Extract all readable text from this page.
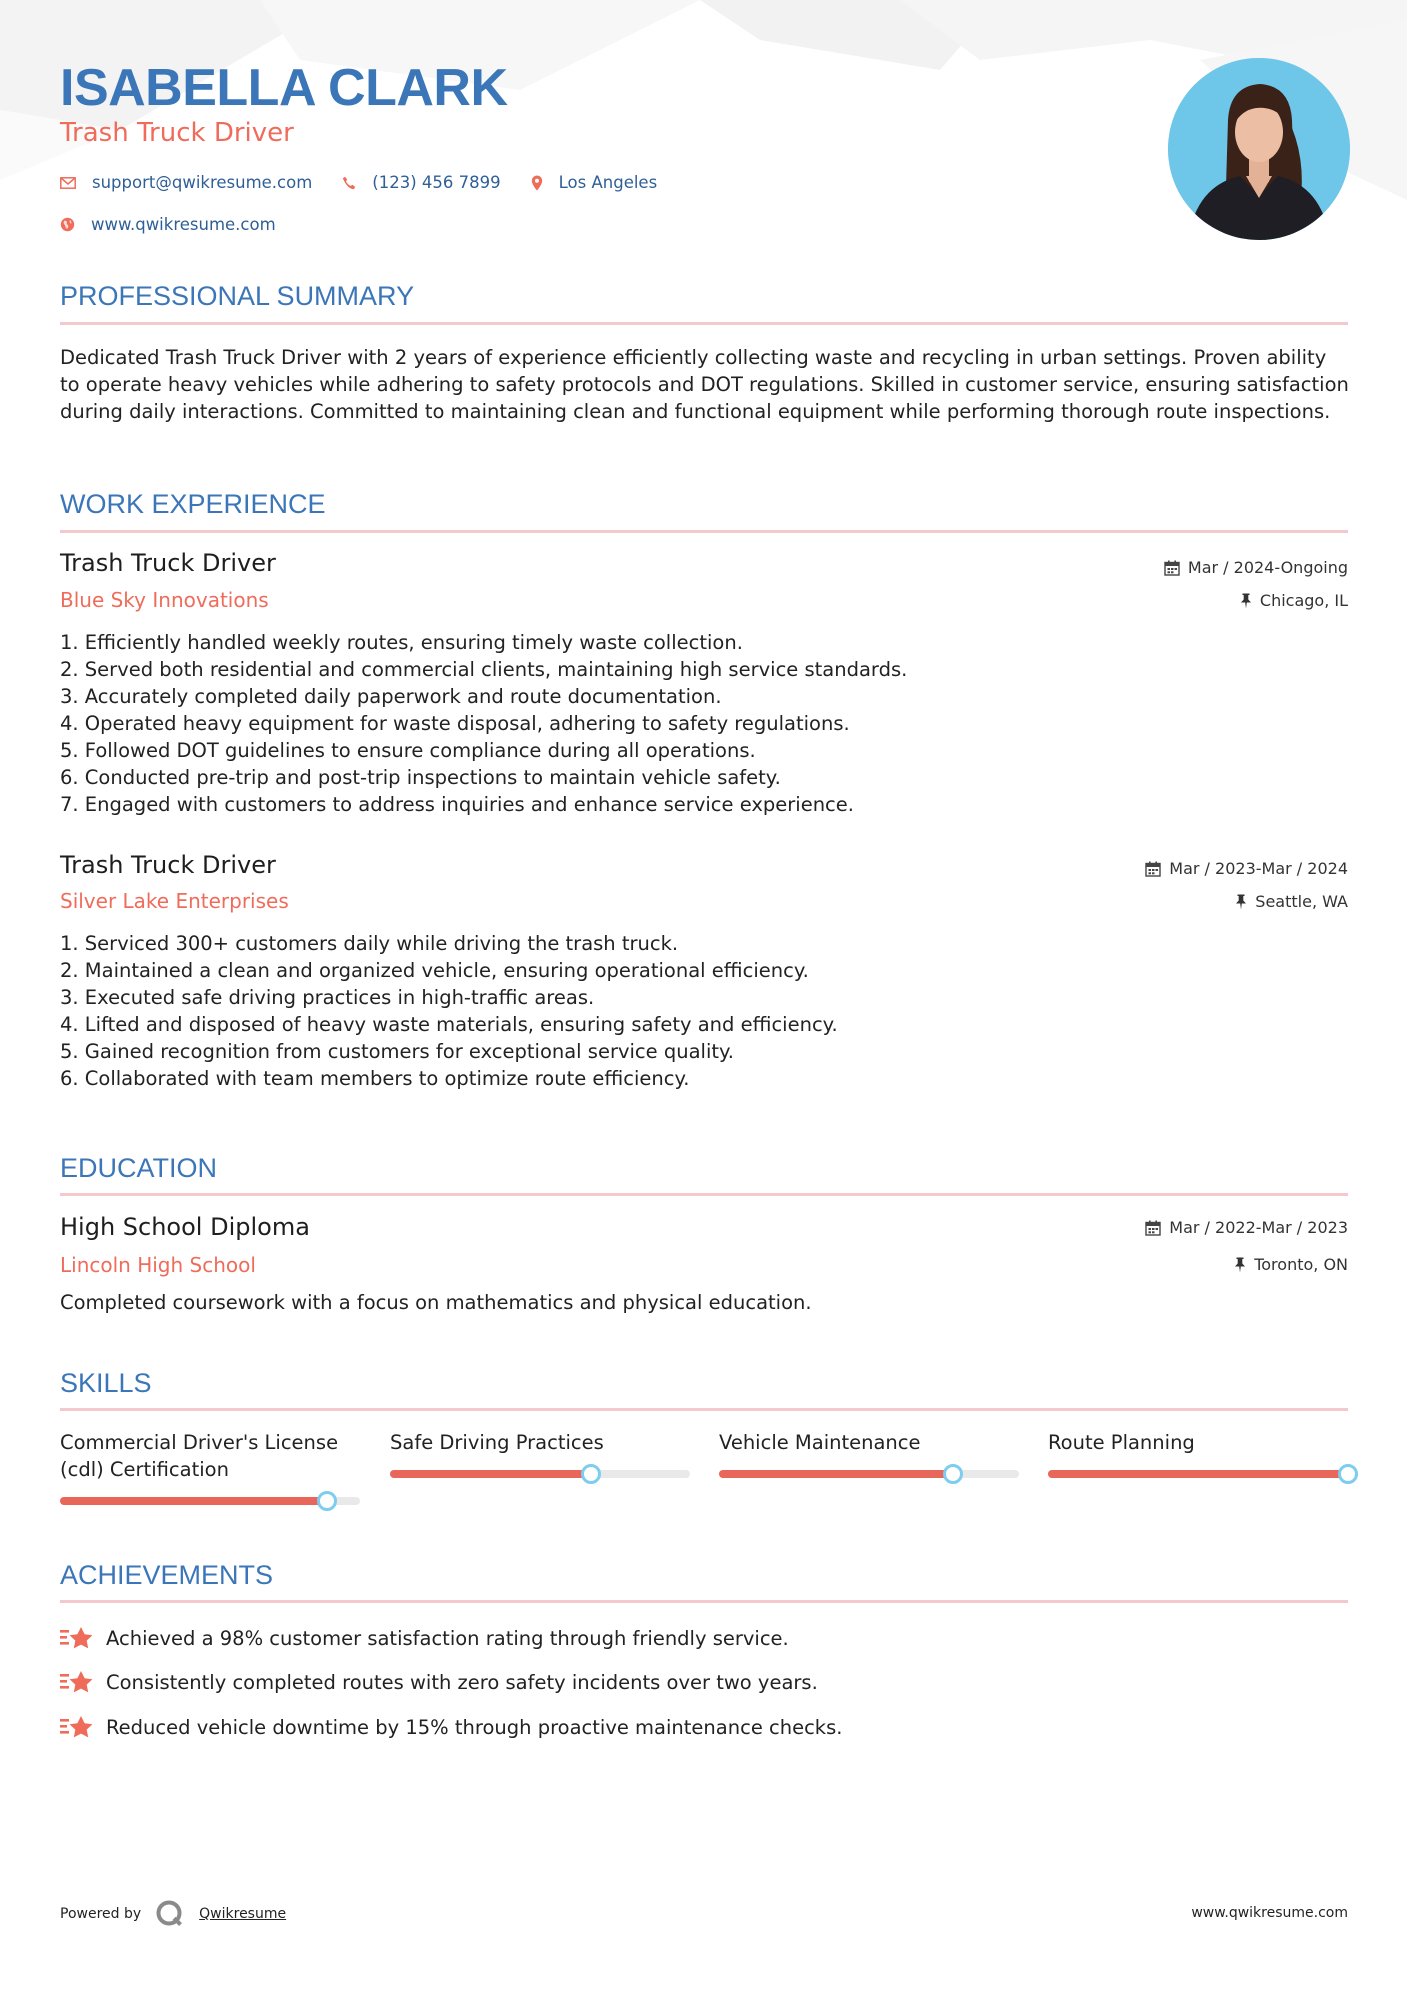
ISABELLA CLARK
Trash Truck Driver
support@qwikresume.com	(123) 456 7899	Los Angeles
www.qwikresume.com
PROFESSIONAL SUMMARY
Dedicated Trash Truck Driver with 2 years of experience efficiently collecting waste and recycling in urban settings. Proven ability to operate heavy vehicles while adhering to safety protocols and DOT regulations. Skilled in customer service, ensuring satisfaction during daily interactions. Committed to maintaining clean and functional equipment while performing thorough route inspections.
WORK EXPERIENCE
Trash Truck Driver
Blue Sky Innovations
Mar / 2024-Ongoing
Chicago, IL
1. Efficiently handled weekly routes, ensuring timely waste collection.
2. Served both residential and commercial clients, maintaining high service standards.
3. Accurately completed daily paperwork and route documentation.
4. Operated heavy equipment for waste disposal, adhering to safety regulations.
5. Followed DOT guidelines to ensure compliance during all operations.
6. Conducted pre-trip and post-trip inspections to maintain vehicle safety.
7. Engaged with customers to address inquiries and enhance service experience.
Trash Truck Driver
Silver Lake Enterprises
Mar / 2023-Mar / 2024
Seattle, WA
1. Serviced 300+ customers daily while driving the trash truck.
2. Maintained a clean and organized vehicle, ensuring operational efficiency.
3. Executed safe driving practices in high-traffic areas.
4. Lifted and disposed of heavy waste materials, ensuring safety and efficiency.
5. Gained recognition from customers for exceptional service quality.
6. Collaborated with team members to optimize route efficiency.
EDUCATION
High School Diploma
Lincoln High School
Mar / 2022-Mar / 2023
Toronto, ON
Completed coursework with a focus on mathematics and physical education.
SKILLS
Commercial Driver's License
(cdl) Certification
Safe Driving Practices	Vehicle Maintenance	Route Planning
ACHIEVEMENTS
Achieved a 98% customer satisfaction rating through friendly service.
Consistently completed routes with zero safety incidents over two years.
Reduced vehicle downtime by 15% through proactive maintenance checks.
Powered by	Qwikresume	www.qwikresume.com
